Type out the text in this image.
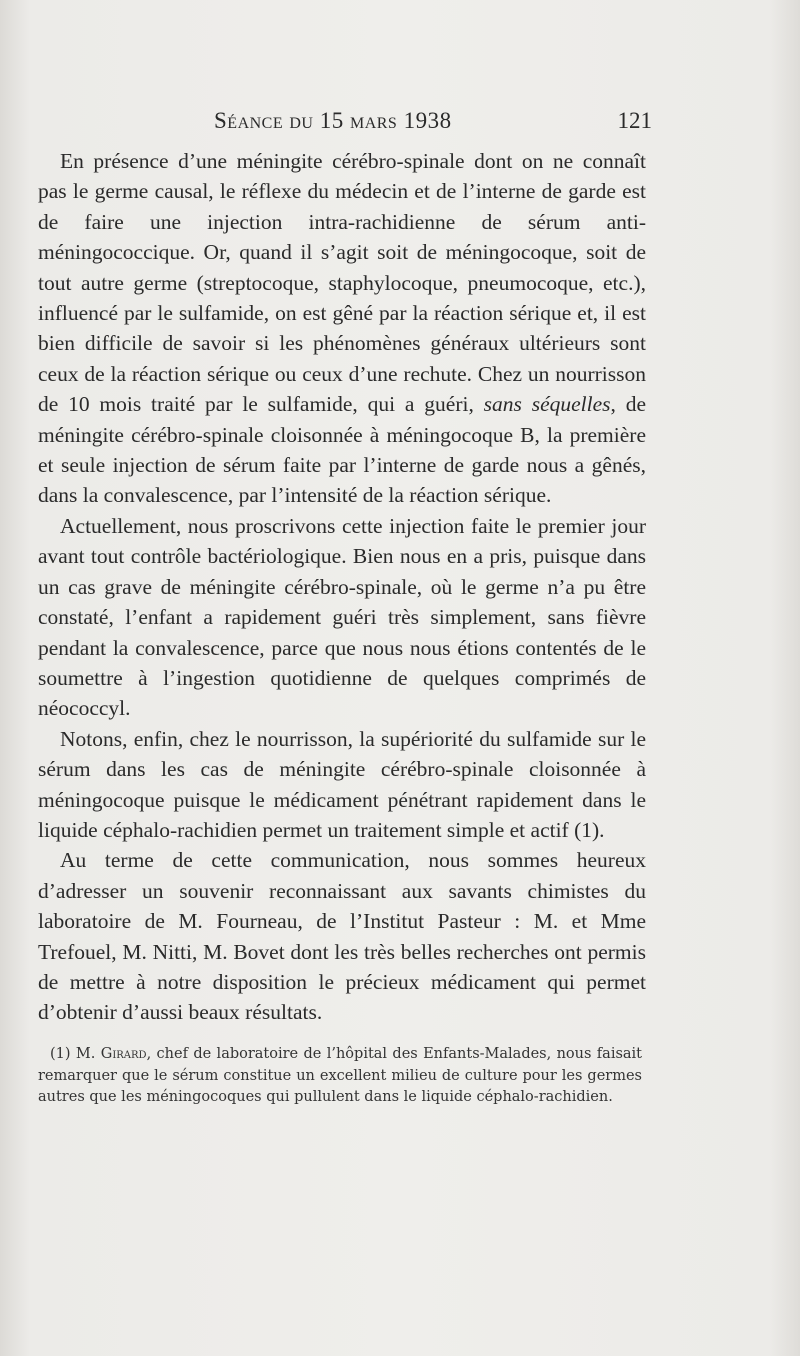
Séance du 15 mars 1938	121

En présence d’une méningite cérébro-spinale dont on ne connaît pas le germe causal, le réflexe du médecin et de l’interne de garde est de faire une injection intra-rachidienne de sérum anti-méningococcique. Or, quand il s’agit soit de méningocoque, soit de tout autre germe (streptocoque, staphylocoque, pneumocoque, etc.), influencé par le sulfamide, on est gêné par la réaction sérique et, il est bien difficile de savoir si les phénomènes généraux ultérieurs sont ceux de la réaction sérique ou ceux d’une rechute. Chez un nourrisson de 10 mois traité par le sulfamide, qui a guéri, sans séquelles, de méningite cérébro-spinale cloisonnée à méningocoque B, la première et seule injection de sérum faite par l’interne de garde nous a gênés, dans la convalescence, par l’intensité de la réaction sérique.

Actuellement, nous proscrivons cette injection faite le premier jour avant tout contrôle bactériologique. Bien nous en a pris, puisque dans un cas grave de méningite cérébro-spinale, où le germe n’a pu être constaté, l’enfant a rapidement guéri très simplement, sans fièvre pendant la convalescence, parce que nous nous étions contentés de le soumettre à l’ingestion quotidienne de quelques comprimés de néococcyl.

Notons, enfin, chez le nourrisson, la supériorité du sulfamide sur le sérum dans les cas de méningite cérébro-spinale cloisonnée à méningocoque puisque le médicament pénétrant rapidement dans le liquide céphalo-rachidien permet un traitement simple et actif (1).

Au terme de cette communication, nous sommes heureux d’adresser un souvenir reconnaissant aux savants chimistes du laboratoire de M. Fourneau, de l’Institut Pasteur : M. et Mme Trefouel, M. Nitti, M. Bovet dont les très belles recherches ont permis de mettre à notre disposition le précieux médicament qui permet d’obtenir d’aussi beaux résultats.

(1) M. Girard, chef de laboratoire de l’hôpital des Enfants-Malades, nous faisait remarquer que le sérum constitue un excellent milieu de culture pour les germes autres que les méningocoques qui pullulent dans le liquide céphalo-rachidien.
